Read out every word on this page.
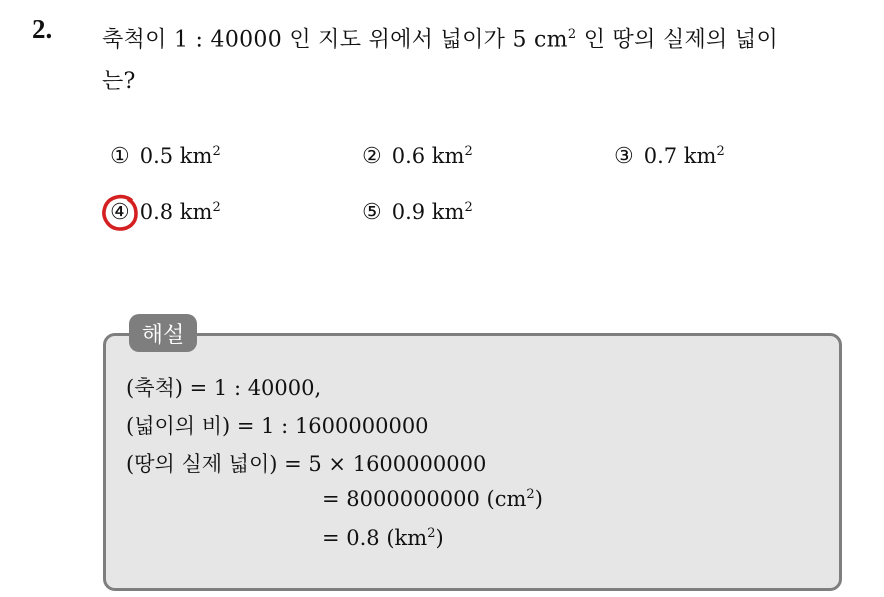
2. 축척이 1 : 40000 인 지도 위에서 넓이가 5 $cm^2$ 인 땅의 실제의 넓이
는?
① 0.5 $km^2$	② 0.6 $km^2$	③ 0.7 $km^2$
④ 0.8 $km^2$	⑤ 0.9 $km^2$
해설
(축척) = 1 : 40000,
(넓이의 비) = 1 : 1600000000
(땅의 실제 넓이) = 5 × 1600000000
= 8000000000 $(cm^2)$
= 0.8 $(km^2)$
